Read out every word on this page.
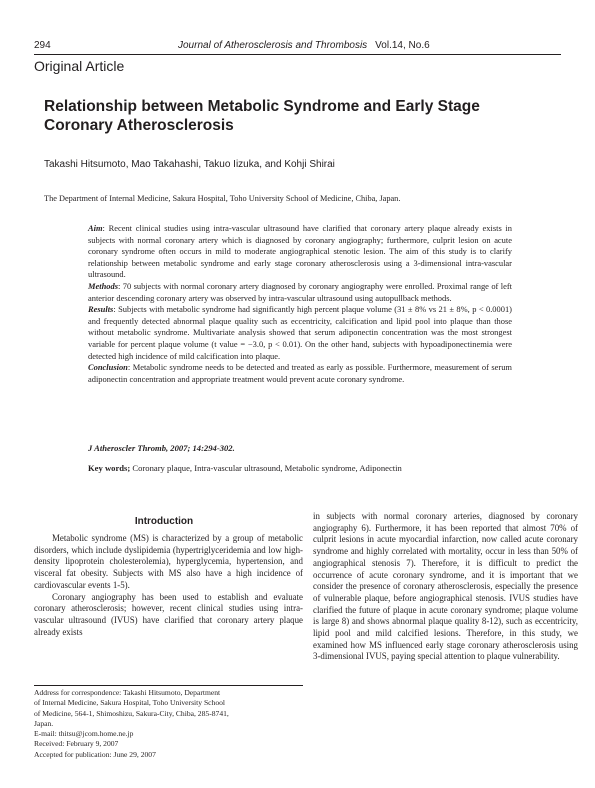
294	Journal of Atherosclerosis and Thrombosis Vol.14, No.6
Original Article
Relationship between Metabolic Syndrome and Early Stage Coronary Atherosclerosis
Takashi Hitsumoto, Mao Takahashi, Takuo Iizuka, and Kohji Shirai
The Department of Internal Medicine, Sakura Hospital, Toho University School of Medicine, Chiba, Japan.

Aim: Recent clinical studies using intra-vascular ultrasound have clarified that coronary artery plaque already exists in subjects with normal coronary artery which is diagnosed by coronary angiography; furthermore, culprit lesion on acute coronary syndrome often occurs in mild to moderate angiographical stenotic lesion. The aim of this study is to clarify relationship between metabolic syndrome and early stage coronary atherosclerosis using a 3-dimensional intra-vascular ultrasound.

Methods: 70 subjects with normal coronary artery diagnosed by coronary angiography were enrolled. Proximal range of left anterior descending coronary artery was observed by intra-vascular ultrasound using autopullback methods.

Results: Subjects with metabolic syndrome had significantly high percent plaque volume (31 ± 8% vs 21 ± 8%, p < 0.0001) and frequently detected abnormal plaque quality such as eccentricity, calcification and lipid pool into plaque than those without metabolic syndrome. Multivariate analysis showed that serum adiponectin concentration was the most strongest variable for percent plaque volume (t value = −3.0, p < 0.01). On the other hand, subjects with hypoadiponectinemia were detected high incidence of mild calcification into plaque.

Conclusion: Metabolic syndrome needs to be detected and treated as early as possible. Furthermore, measurement of serum adiponectin concentration and appropriate treatment would prevent acute coronary syndrome.

J Atheroscler Thromb, 2007; 14:294-302.
Key words; Coronary plaque, Intra-vascular ultrasound, Metabolic syndrome, Adiponectin
Introduction

Metabolic syndrome (MS) is characterized by a group of metabolic disorders, which include dyslipidemia (hypertriglyceridemia and low high-density lipoprotein cholesterolemia), hyperglycemia, hypertension, and visceral fat obesity. Subjects with MS also have a high incidence of cardiovascular events 1-5).

Coronary angiography has been used to establish and evaluate coronary atherosclerosis; however, recent clinical studies using intra-vascular ultrasound (IVUS) have clarified that coronary artery plaque already exists

in subjects with normal coronary arteries, diagnosed by coronary angiography 6). Furthermore, it has been reported that almost 70% of culprit lesions in acute myocardial infarction, now called acute coronary syndrome and highly correlated with mortality, occur in less than 50% of angiographical stenosis 7). Therefore, it is difficult to predict the occurrence of acute coronary syndrome, and it is important that we consider the presence of coronary atherosclerosis, especially the presence of vulnerable plaque, before angiographical stenosis. IVUS studies have clarified the future of plaque in acute coronary syndrome; plaque volume is large 8) and shows abnormal plaque quality 8-12), such as eccentricity, lipid pool and mild calcified lesions. Therefore, in this study, we examined how MS influenced early stage coronary atherosclerosis using 3-dimensional IVUS, paying special attention to plaque vulnerability.

Address for correspondence: Takashi Hitsumoto, Department
of Internal Medicine, Sakura Hospital, Toho University School
of Medicine, 564-1, Shimoshizu, Sakura-City, Chiba, 285-8741,
Japan.
E-mail: thitsu@jcom.home.ne.jp
Received: February 9, 2007
Accepted for publication: June 29, 2007
